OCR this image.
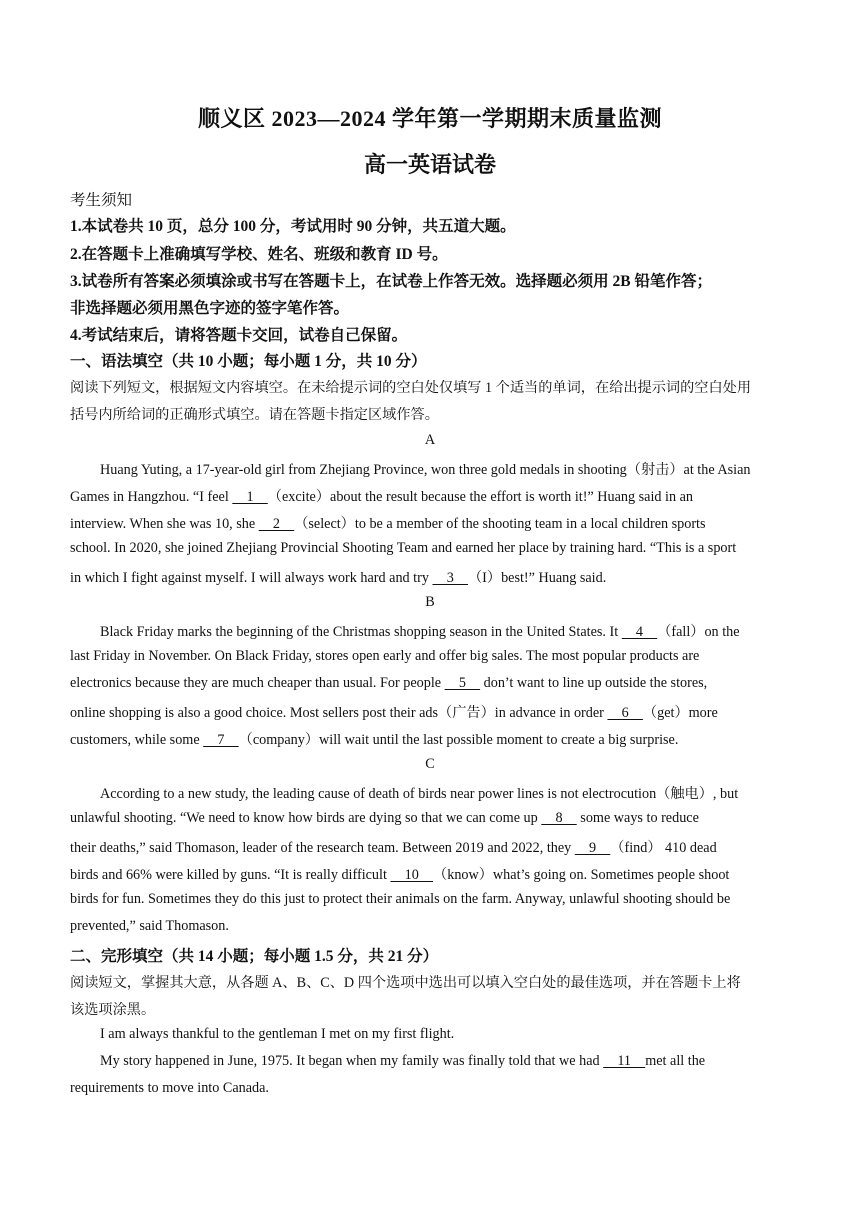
顺义区 2023—2024 学年第一学期期末质量监测
高一英语试卷
考生须知
1.本试卷共 10 页，总分 100 分，考试用时 90 分钟，共五道大题。
2.在答题卡上准确填写学校、姓名、班级和教育 ID 号。
3.试卷所有答案必须填涂或书写在答题卡上，在试卷上作答无效。选择题必须用 2B 铅笔作答；
非选择题必须用黑色字迹的签字笔作答。
4.考试结束后，请将答题卡交回，试卷自己保留。
一、语法填空（共 10 小题；每小题 1 分，共 10 分）
阅读下列短文，根据短文内容填空。在未给提示词的空白处仅填写 1 个适当的单词，在给出提示词的空白处用
括号内所给词的正确形式填空。请在答题卡指定区域作答。
A
Huang Yuting, a 17-year-old girl from Zhejiang Province, won three gold medals in shooting（射击）at the Asian
Games in Hangzhou. “I feel     1    （excite）about the result because the effort is worth it!” Huang said in an
interview. When she was 10, she     2    （select）to be a member of the shooting team in a local children sports
school. In 2020, she joined Zhejiang Provincial Shooting Team and earned her place by training hard. “This is a sport
in which I fight against myself. I will always work hard and try     3    （I）best!” Huang said.
B
Black Friday marks the beginning of the Christmas shopping season in the United States. It     4    （fall）on the
last Friday in November. On Black Friday, stores open early and offer big sales. The most popular products are
electronics because they are much cheaper than usual. For people     5     don’t want to line up outside the stores,
online shopping is also a good choice. Most sellers post their ads（广告）in advance in order     6    （get）more
customers, while some     7    （company）will wait until the last possible moment to create a big surprise.
C
According to a new study, the leading cause of death of birds near power lines is not electrocution（触电）, but
unlawful shooting. “We need to know how birds are dying so that we can come up     8     some ways to reduce
their deaths,” said Thomason, leader of the research team. Between 2019 and 2022, they     9    （find） 410 dead
birds and 66% were killed by guns. “It is really difficult     10    （know）what’s going on. Sometimes people shoot
birds for fun. Sometimes they do this just to protect their animals on the farm. Anyway, unlawful shooting should be
prevented,” said Thomason.
二、完形填空（共 14 小题；每小题 1.5 分，共 21 分）
阅读短文，掌握其大意，从各题 A、B、C、D 四个选项中选出可以填入空白处的最佳选项，并在答题卡上将
该选项涂黑。
I am always thankful to the gentleman I met on my first flight.
My story happened in June, 1975. It began when my family was finally told that we had     11    met all the
requirements to move into Canada.
